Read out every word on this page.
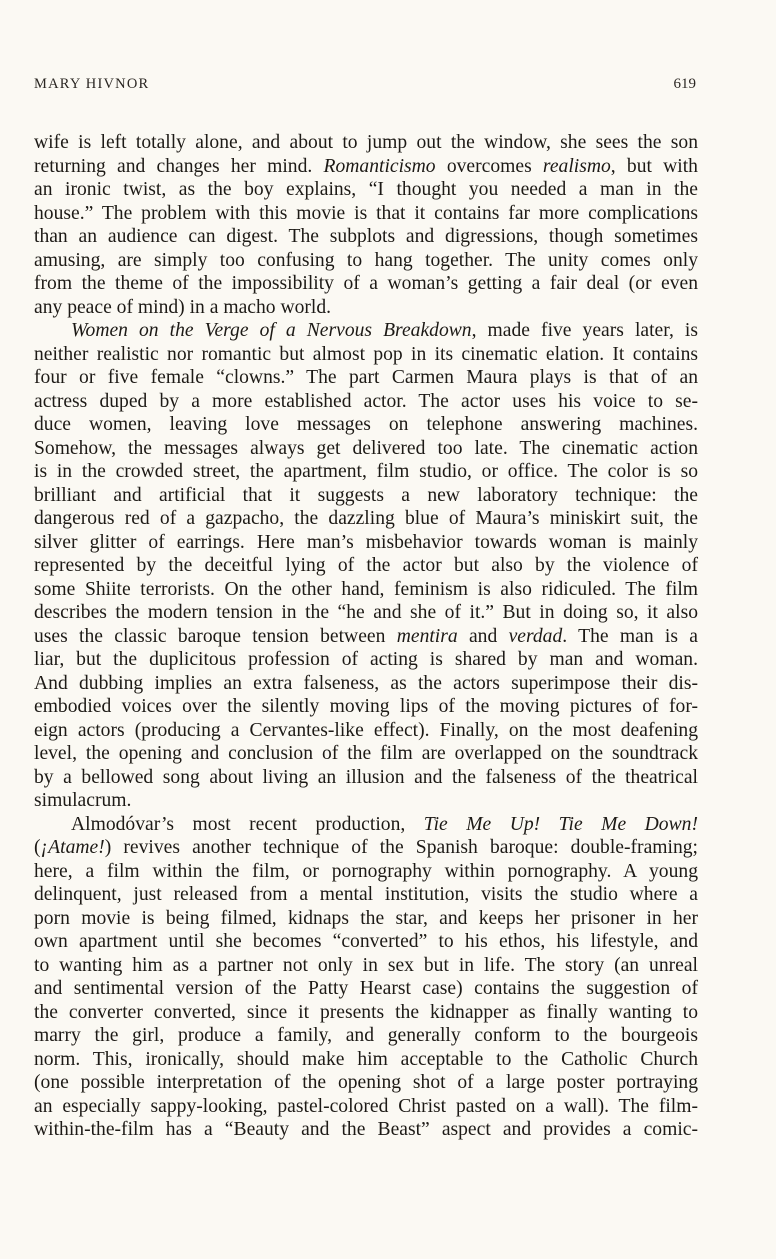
MARY HIVNOR	619
wife is left totally alone, and about to jump out the window, she sees the son
returning and changes her mind. Romanticismo overcomes realismo, but with
an ironic twist, as the boy explains, “I thought you needed a man in the
house.” The problem with this movie is that it contains far more complications
than an audience can digest. The subplots and digressions, though sometimes
amusing, are simply too confusing to hang together. The unity comes only
from the theme of the impossibility of a woman’s getting a fair deal (or even
any peace of mind) in a macho world.
Women on the Verge of a Nervous Breakdown, made five years later, is
neither realistic nor romantic but almost pop in its cinematic elation. It contains
four or five female “clowns.” The part Carmen Maura plays is that of an
actress duped by a more established actor. The actor uses his voice to se-
duce women, leaving love messages on telephone answering machines.
Somehow, the messages always get delivered too late. The cinematic action
is in the crowded street, the apartment, film studio, or office. The color is so
brilliant and artificial that it suggests a new laboratory technique: the
dangerous red of a gazpacho, the dazzling blue of Maura’s miniskirt suit, the
silver glitter of earrings. Here man’s misbehavior towards woman is mainly
represented by the deceitful lying of the actor but also by the violence of
some Shiite terrorists. On the other hand, feminism is also ridiculed. The film
describes the modern tension in the “he and she of it.” But in doing so, it also
uses the classic baroque tension between mentira and verdad. The man is a
liar, but the duplicitous profession of acting is shared by man and woman.
And dubbing implies an extra falseness, as the actors superimpose their dis-
embodied voices over the silently moving lips of the moving pictures of for-
eign actors (producing a Cervantes-like effect). Finally, on the most deafening
level, the opening and conclusion of the film are overlapped on the soundtrack
by a bellowed song about living an illusion and the falseness of the theatrical
simulacrum.
Almodóvar’s most recent production, Tie Me Up! Tie Me Down!
(¡Atame!) revives another technique of the Spanish baroque: double-framing;
here, a film within the film, or pornography within pornography. A young
delinquent, just released from a mental institution, visits the studio where a
porn movie is being filmed, kidnaps the star, and keeps her prisoner in her
own apartment until she becomes “converted” to his ethos, his lifestyle, and
to wanting him as a partner not only in sex but in life. The story (an unreal
and sentimental version of the Patty Hearst case) contains the suggestion of
the converter converted, since it presents the kidnapper as finally wanting to
marry the girl, produce a family, and generally conform to the bourgeois
norm. This, ironically, should make him acceptable to the Catholic Church
(one possible interpretation of the opening shot of a large poster portraying
an especially sappy-looking, pastel-colored Christ pasted on a wall). The film-
within-the-film has a “Beauty and the Beast” aspect and provides a comic-
